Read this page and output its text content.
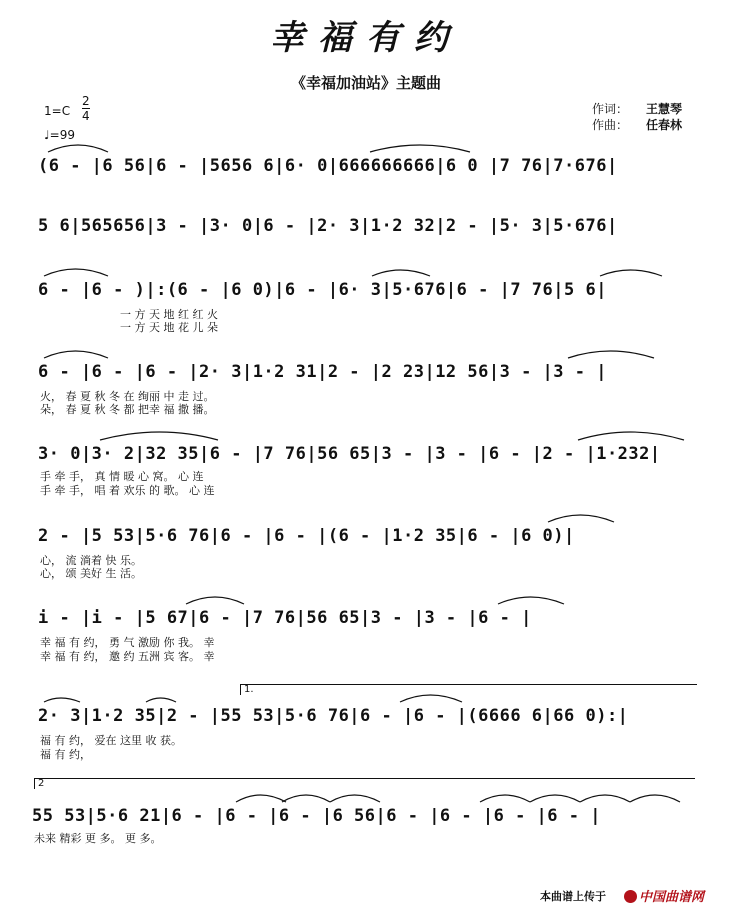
幸福有约
《幸福加油站》主题曲
1=C
2
4
♩=99
作词： 王慧琴
作曲： 任春林
(6 - |6 56|6 - |5656 6|6· 0|666666666|6 0 |7 76|7·676|
5 6|565656|3 - |3· 0|6 - |2· 3|1·2 32|2 - |5· 3|5·676|
6 - |6 - )|:(6 - |6 0)|6 - |6· 3|5·676|6 - |7 76|5 6|
一 方 天 地 红 红 火
一 方 天 地 花 儿 朵
6 - |6 - |6 - |2· 3|1·2 31|2 - |2 23|12 56|3 - |3 - |
火， 春 夏 秋 冬 在 绚丽 中 走 过。
朵， 春 夏 秋 冬 都 把幸 福 撒 播。
3· 0|3· 2|32 35|6 - |7 76|56 65|3 - |3 - |6 - |2 - |1·232|
手 牵 手， 真 情 暖 心 窝。 心 连
手 牵 手， 唱 着 欢乐 的 歌。 心 连
2 - |5 53|5·6 76|6 - |6 - |(6 - |1·2 35|6 - |6 0)|
心， 流 淌着 快 乐。
心， 颂 美好 生 活。
i - |i - |5 67|6 - |7 76|56 65|3 - |3 - |6 - |
幸 福 有 约， 勇 气 激励 你 我。 幸
幸 福 有 约， 邀 约 五洲 宾 客。 幸
1.
2· 3|1·2 35|2 - |55 53|5·6 76|6 - |6 - |(6666 6|66 0):|
福 有 约， 爱在 这里 收 获。
福 有 约，
2
55 53|5·6 21|6 - |6 - |6 - |6 56|6 - |6 - |6 - |6 - |
未来 精彩 更 多。 更 多。
本曲谱上传于	中国曲谱网
